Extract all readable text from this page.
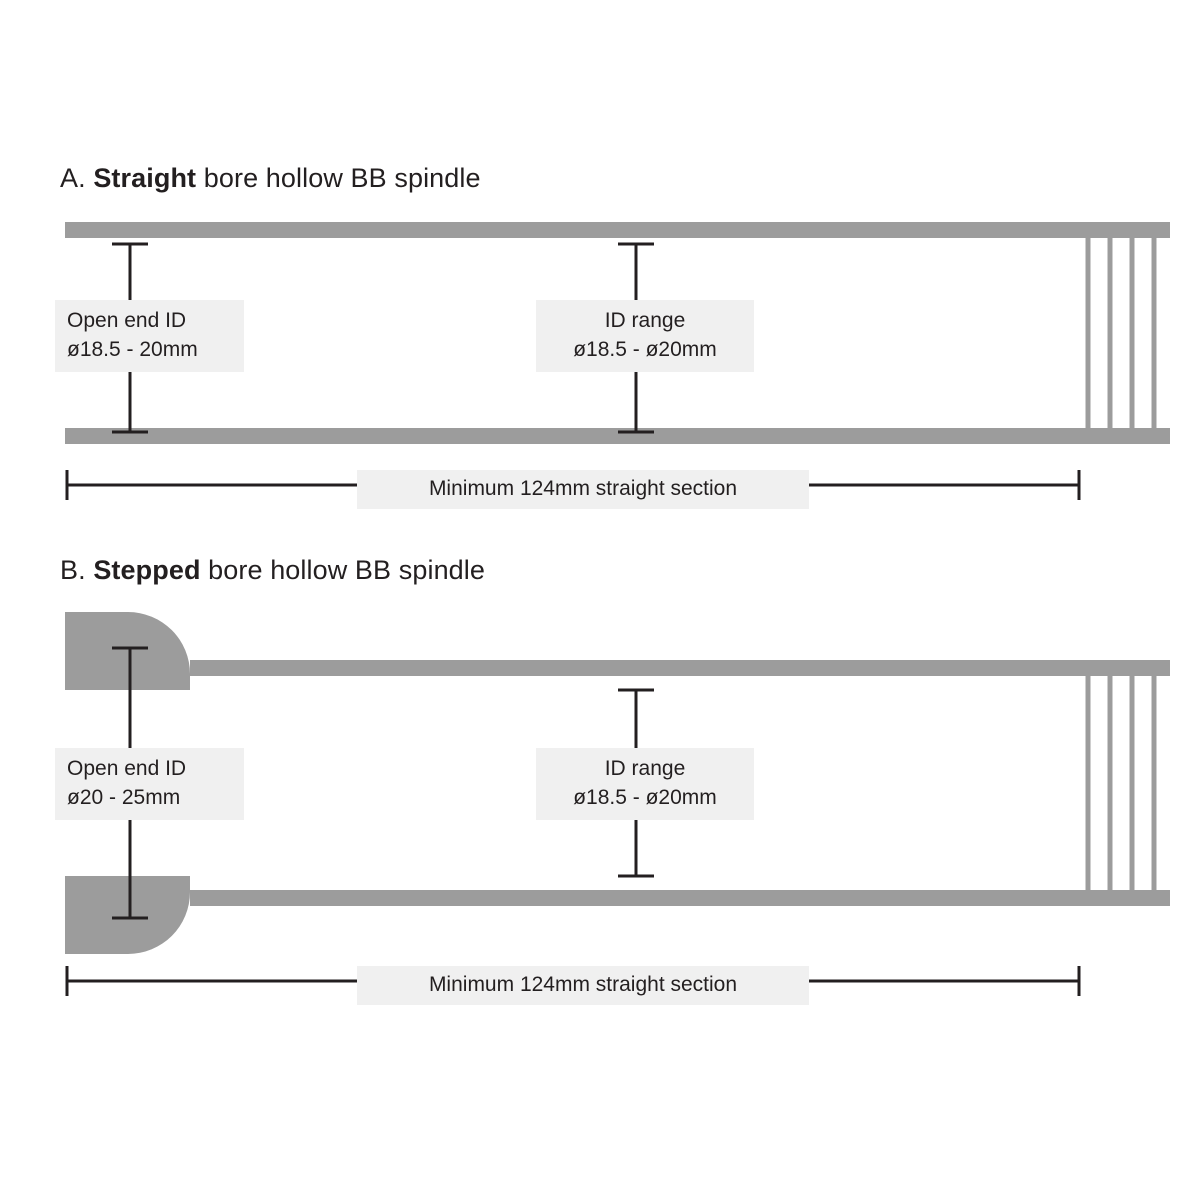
A. Straight bore hollow BB spindle
B. Stepped bore hollow BB spindle
Open end ID
ø18.5 - 20mm
ID range
ø18.5 - ø20mm
Minimum 124mm straight section
Open end ID
ø20 - 25mm
ID range
ø18.5 - ø20mm
Minimum 124mm straight section
